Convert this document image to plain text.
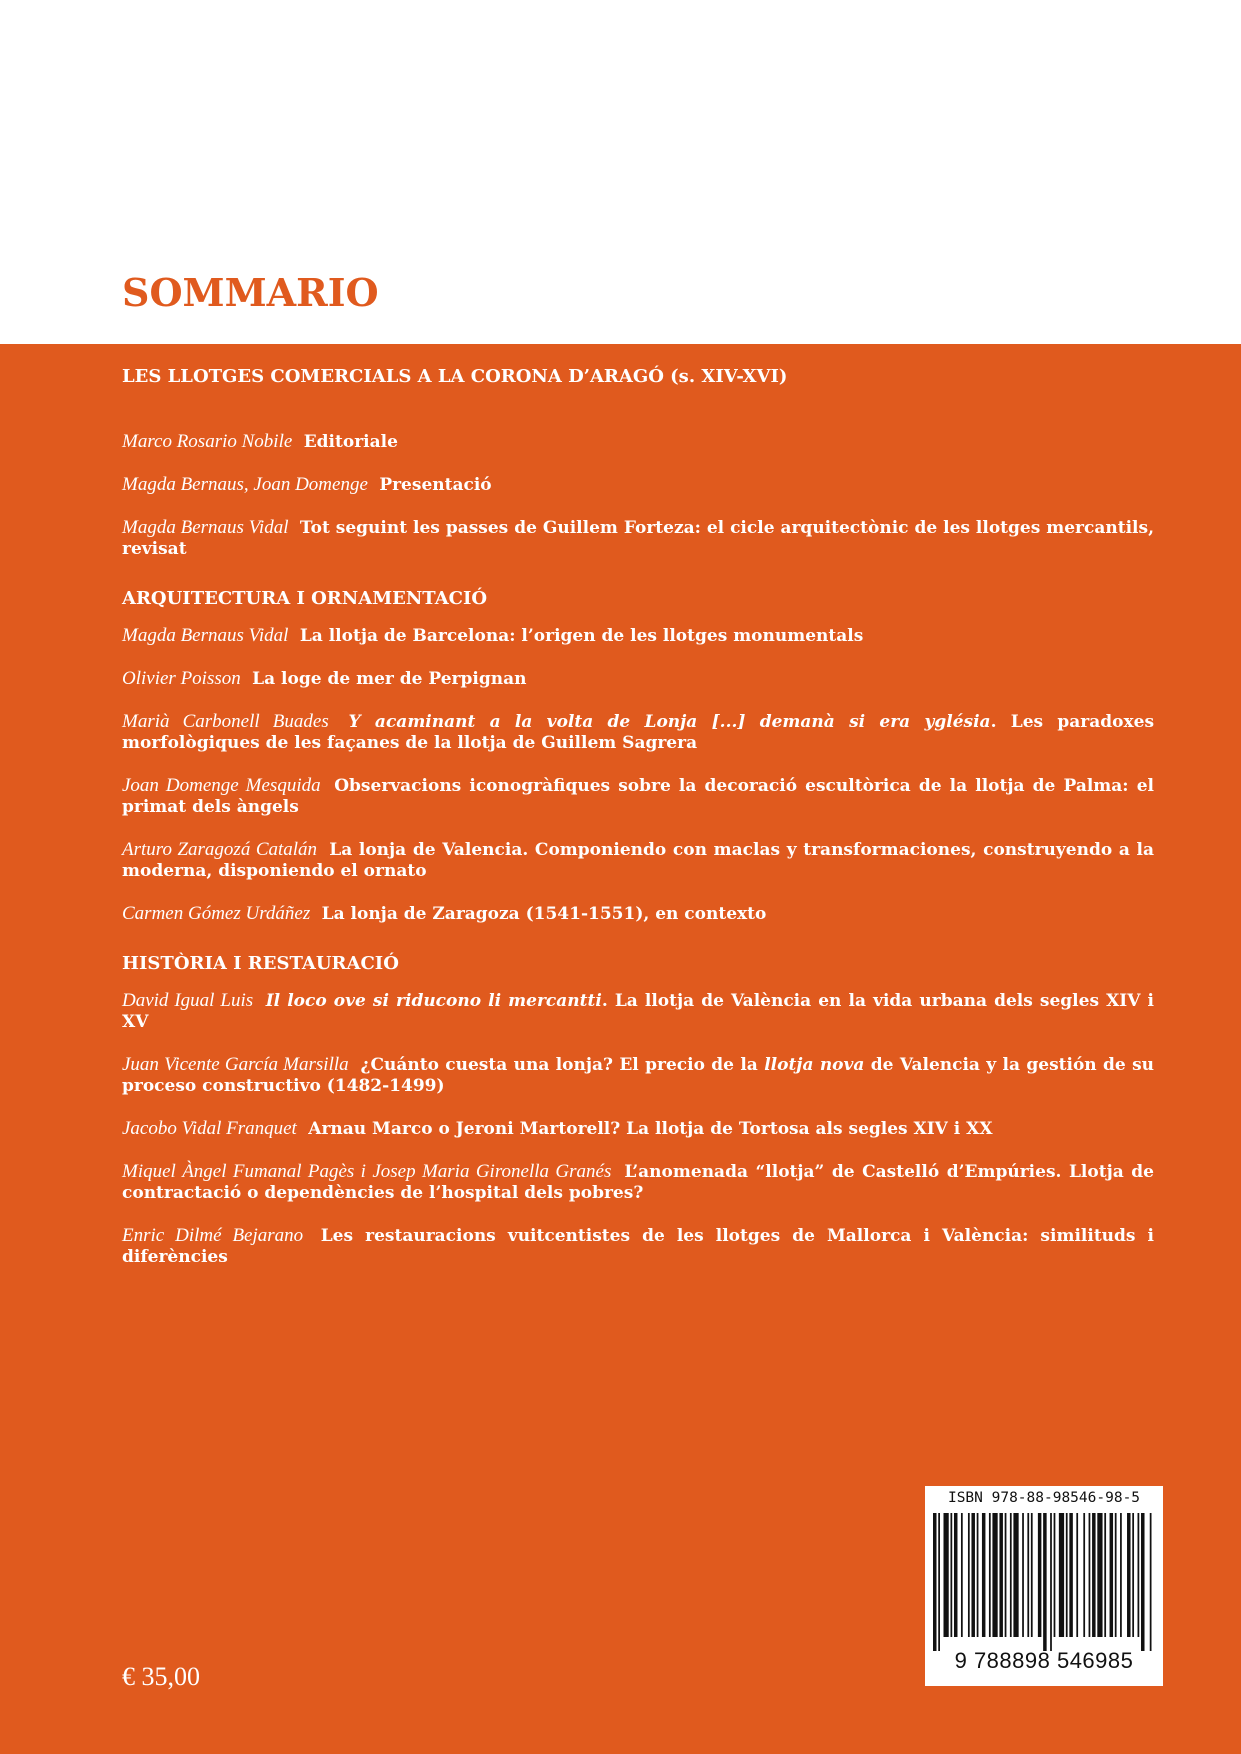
SOMMARIO

LES LLOTGES COMERCIALS A LA CORONA D’ARAGÓ (s. XIV-XVI)

Marco Rosario Nobile Editoriale

Magda Bernaus, Joan Domenge Presentació

Magda Bernaus Vidal Tot seguint les passes de Guillem Forteza: el cicle arquitectònic de les llotges mercantils, revisat

ARQUITECTURA I ORNAMENTACIÓ

Magda Bernaus Vidal La llotja de Barcelona: l’origen de les llotges monumentals

Olivier Poisson La loge de mer de Perpignan

Marià Carbonell Buades Y acaminant a la volta de Lonja [...] demanà si era yglésia. Les paradoxes morfològiques de les façanes de la llotja de Guillem Sagrera

Joan Domenge Mesquida Observacions iconogràfiques sobre la decoració escultòrica de la llotja de Palma: el primat dels àngels

Arturo Zaragozá Catalán La lonja de Valencia. Componiendo con maclas y transformaciones, construyendo a la moderna, disponiendo el ornato

Carmen Gómez Urdáñez La lonja de Zaragoza (1541-1551), en contexto

HISTÒRIA I RESTAURACIÓ

David Igual Luis Il loco ove si riducono li mercantti. La llotja de València en la vida urbana dels segles XIV i XV

Juan Vicente García Marsilla ¿Cuánto cuesta una lonja? El precio de la llotja nova de Valencia y la gestión de su proceso constructivo (1482-1499)

Jacobo Vidal Franquet Arnau Marco o Jeroni Martorell? La llotja de Tortosa als segles XIV i XX

Miquel Àngel Fumanal Pagès i Josep Maria Gironella Granés L’anomenada “llotja” de Castelló d’Empúries. Llotja de contractació o dependències de l’hospital dels pobres?

Enric Dilmé Bejarano Les restauracions vuitcentistes de les llotges de Mallorca i València: similituds i diferències

€ 35,00
ISBN 978-88-98546-98-5
9 788898 546985
